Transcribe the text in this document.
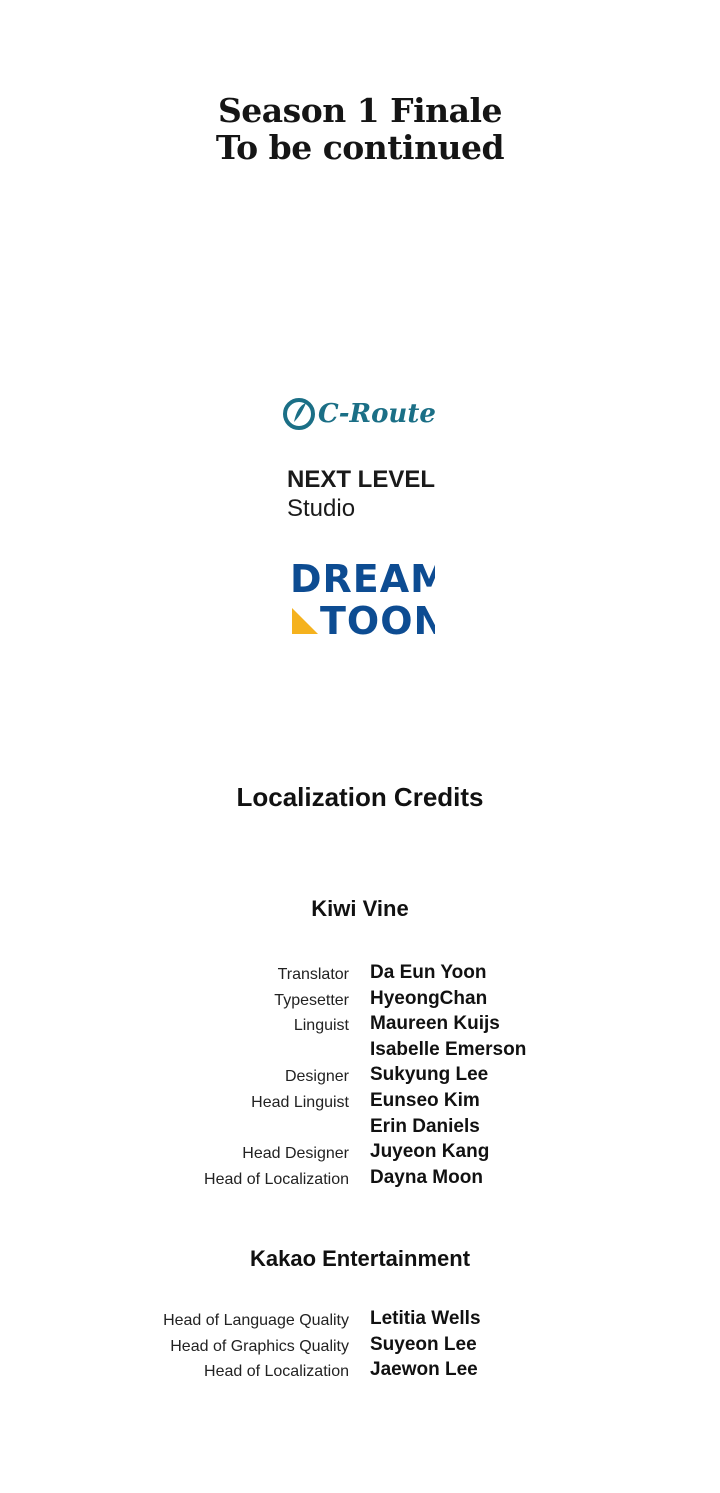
Season 1 Finale
To be continued
C-Route
NEXT LEVEL
Studio
DREAM
TOON
Localization Credits
Kiwi Vine
Translator Da Eun Yoon
Typesetter HyeongChan
Linguist Maureen Kuijs
Isabelle Emerson
Designer Sukyung Lee
Head Linguist Eunseo Kim
Erin Daniels
Head Designer Juyeon Kang
Head of Localization Dayna Moon
Kakao Entertainment
Head of Language Quality Letitia Wells
Head of Graphics Quality Suyeon Lee
Head of Localization Jaewon Lee
